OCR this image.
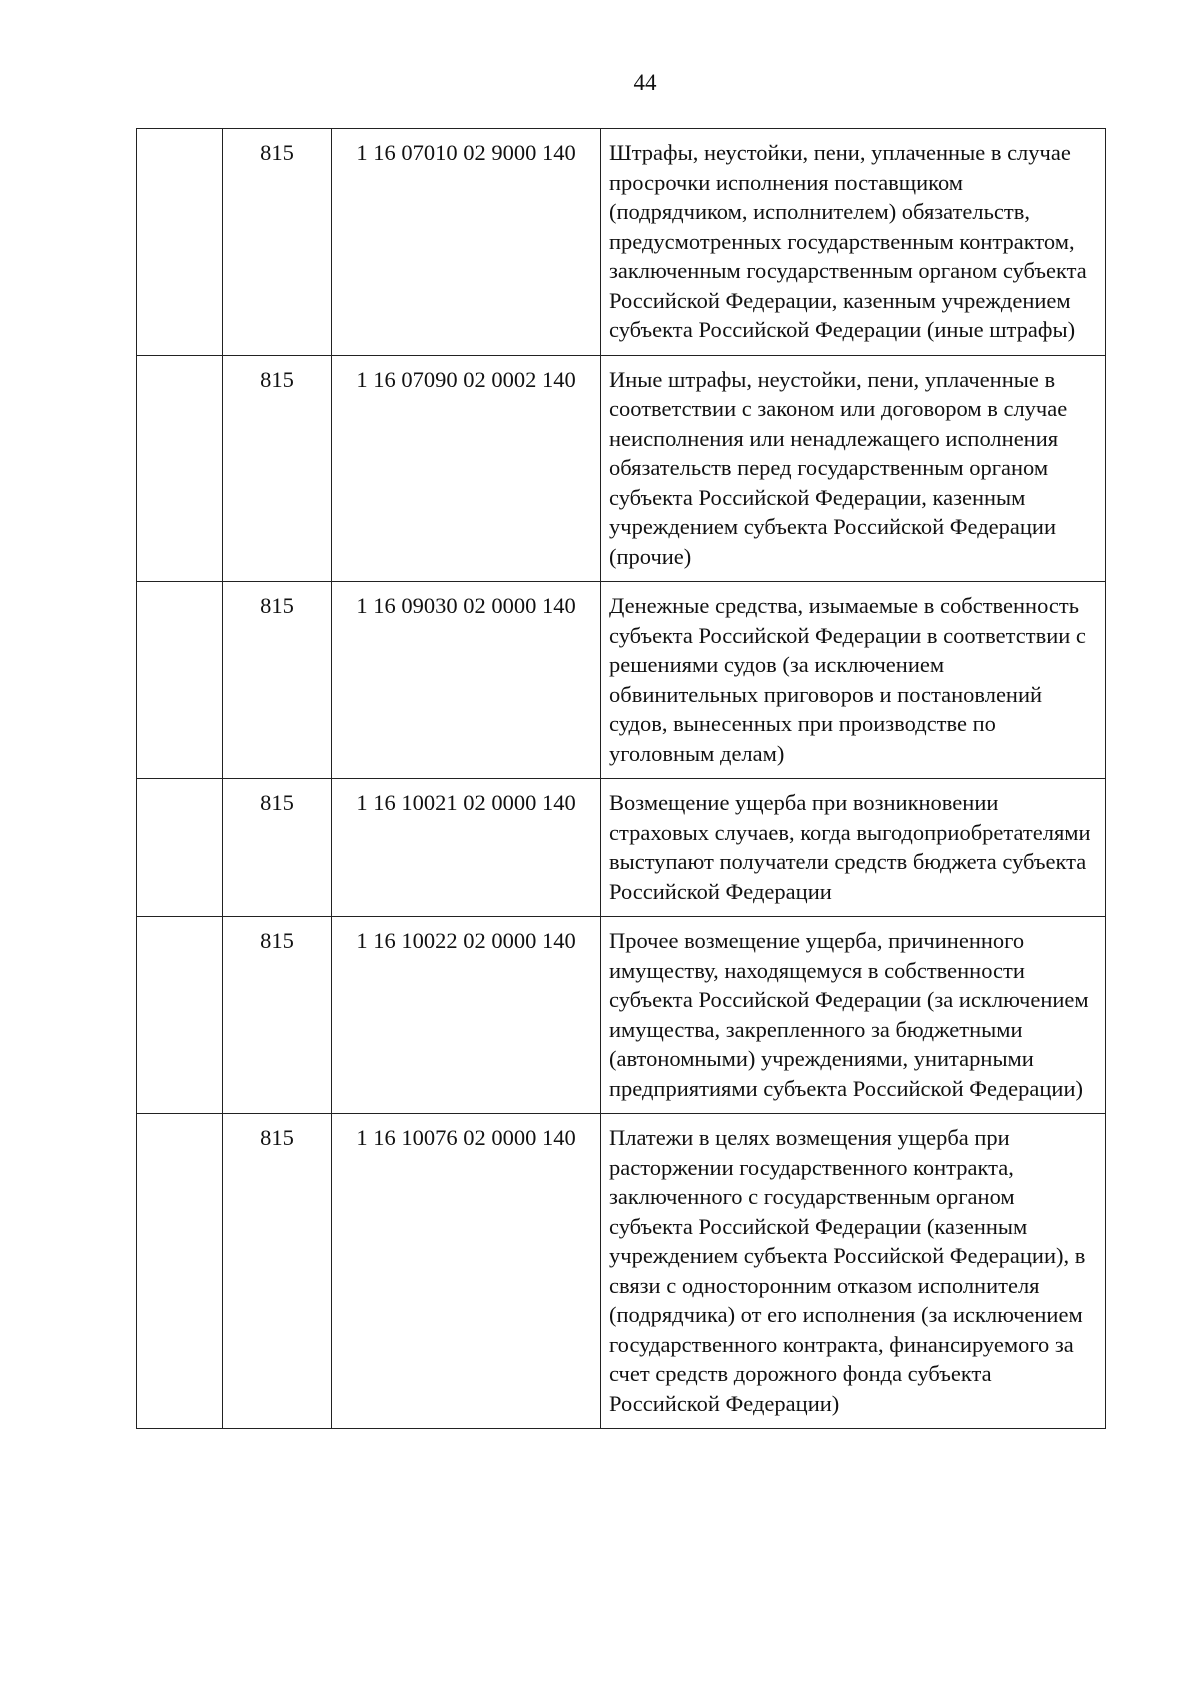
44
	815	1 16 07010 02 9000 140	Штрафы, неустойки, пени, уплаченные в случае просрочки исполнения поставщиком (подрядчиком, исполнителем) обязательств, предусмотренных государственным контрактом, заключенным государственным органом субъекта Российской Федерации, казенным учреждением субъекта Российской Федерации (иные штрафы)
	815	1 16 07090 02 0002 140	Иные штрафы, неустойки, пени, уплаченные в соответствии с законом или договором в случае неисполнения или ненадлежащего исполнения обязательств перед государственным органом субъекта Российской Федерации, казенным учреждением субъекта Российской Федерации (прочие)
	815	1 16 09030 02 0000 140	Денежные средства, изымаемые в собственность субъекта Российской Федерации в соответствии с решениями судов (за исключением обвинительных приговоров и постановлений судов, вынесенных при производстве по уголовным делам)
	815	1 16 10021 02 0000 140	Возмещение ущерба при возникновении страховых случаев, когда выгодоприобретателями выступают получатели средств бюджета субъекта Российской Федерации
	815	1 16 10022 02 0000 140	Прочее возмещение ущерба, причиненного имуществу, находящемуся в собственности субъекта Российской Федерации (за исключением имущества, закрепленного за бюджетными (автономными) учреждениями, унитарными предприятиями субъекта Российской Федерации)
	815	1 16 10076 02 0000 140	Платежи в целях возмещения ущерба при расторжении государственного контракта, заключенного с государственным органом субъекта Российской Федерации (казенным учреждением субъекта Российской Федерации), в связи с односторонним отказом исполнителя (подрядчика) от его исполнения (за исключением государственного контракта, финансируемого за счет средств дорожного фонда субъекта Российской Федерации)
